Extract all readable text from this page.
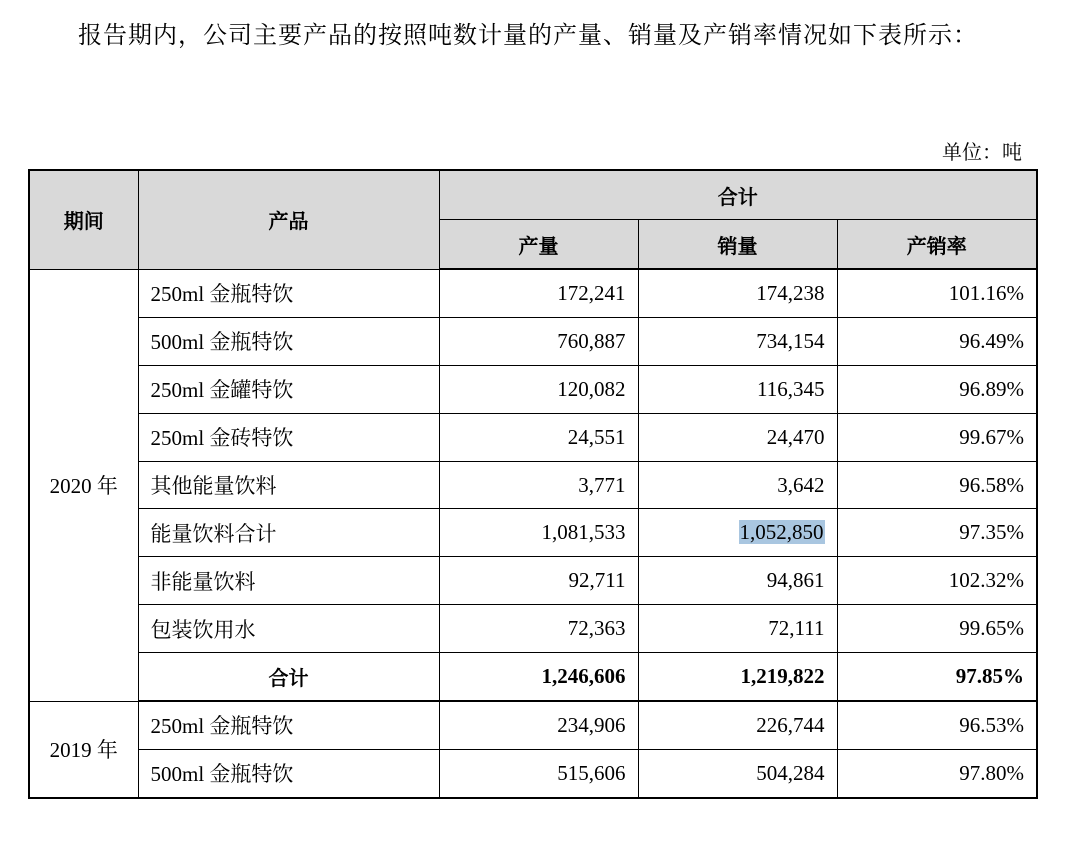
报告期内，公司主要产品的按照吨数计量的产量、销量及产销率情况如下表所示：

单位：吨
期间	产品	合计		
		产量	销量	产销率
2020 年	250ml 金瓶特饮	172,241	174,238	101.16%
	500ml 金瓶特饮	760,887	734,154	96.49%
	250ml 金罐特饮	120,082	116,345	96.89%
	250ml 金砖特饮	24,551	24,470	99.67%
	其他能量饮料	3,771	3,642	96.58%
	能量饮料合计	1,081,533	1,052,850	97.35%
	非能量饮料	92,711	94,861	102.32%
	包装饮用水	72,363	72,111	99.65%
	合计	1,246,606	1,219,822	97.85%
2019 年	250ml 金瓶特饮	234,906	226,744	96.53%
	500ml 金瓶特饮	515,606	504,284	97.80%
